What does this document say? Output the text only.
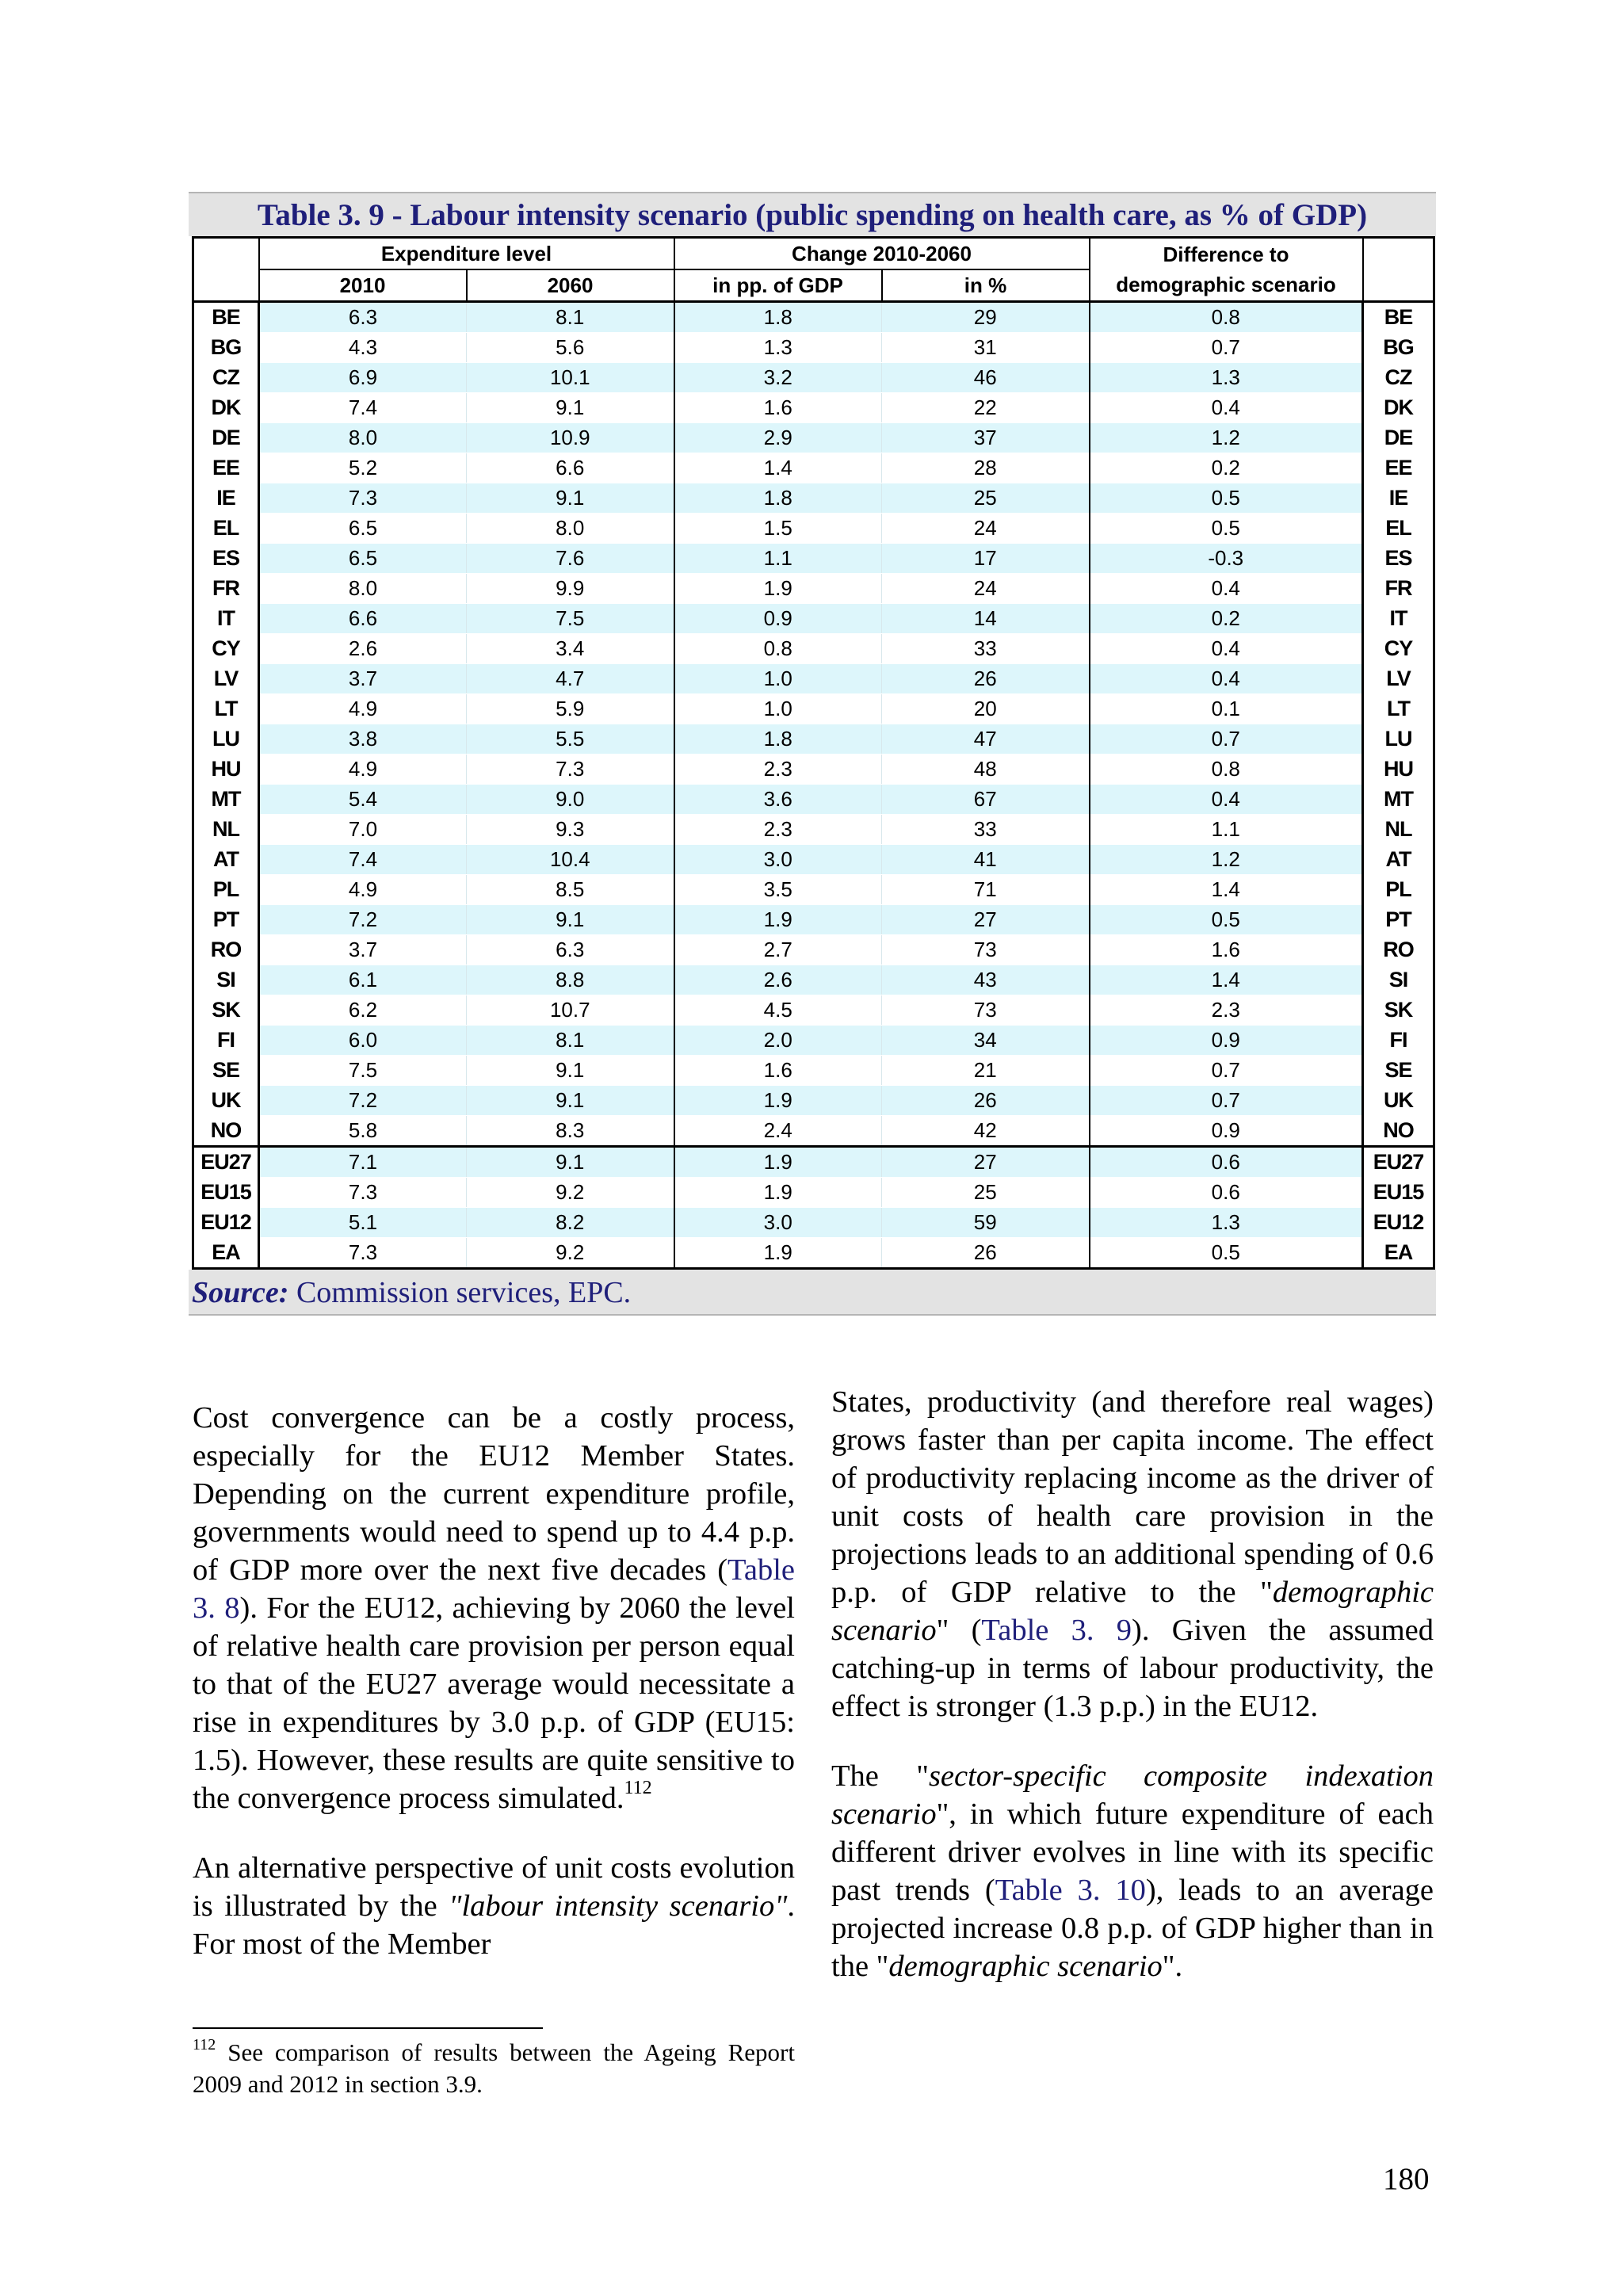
Table 3. 9 - Labour intensity scenario (public spending on health care, as % of GDP)
	Expenditure level		Change 2010-2060		Difference to
demographic scenario	
	2010	2060	in pp. of GDP	in %		
BE	6.3	8.1	1.8	29	0.8	BE
BG	4.3	5.6	1.3	31	0.7	BG
CZ	6.9	10.1	3.2	46	1.3	CZ
DK	7.4	9.1	1.6	22	0.4	DK
DE	8.0	10.9	2.9	37	1.2	DE
EE	5.2	6.6	1.4	28	0.2	EE
IE	7.3	9.1	1.8	25	0.5	IE
EL	6.5	8.0	1.5	24	0.5	EL
ES	6.5	7.6	1.1	17	-0.3	ES
FR	8.0	9.9	1.9	24	0.4	FR
IT	6.6	7.5	0.9	14	0.2	IT
CY	2.6	3.4	0.8	33	0.4	CY
LV	3.7	4.7	1.0	26	0.4	LV
LT	4.9	5.9	1.0	20	0.1	LT
LU	3.8	5.5	1.8	47	0.7	LU
HU	4.9	7.3	2.3	48	0.8	HU
MT	5.4	9.0	3.6	67	0.4	MT
NL	7.0	9.3	2.3	33	1.1	NL
AT	7.4	10.4	3.0	41	1.2	AT
PL	4.9	8.5	3.5	71	1.4	PL
PT	7.2	9.1	1.9	27	0.5	PT
RO	3.7	6.3	2.7	73	1.6	RO
SI	6.1	8.8	2.6	43	1.4	SI
SK	6.2	10.7	4.5	73	2.3	SK
FI	6.0	8.1	2.0	34	0.9	FI
SE	7.5	9.1	1.6	21	0.7	SE
UK	7.2	9.1	1.9	26	0.7	UK
NO	5.8	8.3	2.4	42	0.9	NO
EU27	7.1	9.1	1.9	27	0.6	EU27
EU15	7.3	9.2	1.9	25	0.6	EU15
EU12	5.1	8.2	3.0	59	1.3	EU12
EA	7.3	9.2	1.9	26	0.5	EA
Source: Commission services, EPC.

Cost convergence can be a costly process, especially for the EU12 Member States. Depending on the current expenditure profile, governments would need to spend up to 4.4 p.p. of GDP more over the next five decades (Table 3. 8). For the EU12, achieving by 2060 the level of relative health care provision per person equal to that of the EU27 average would necessitate a rise in expenditures by 3.0 p.p. of GDP (EU15: 1.5). However, these results are quite sensitive to the convergence process simulated.$^{112}$

An alternative perspective of unit costs evolution is illustrated by the "labour intensity scenario". For most of the Member

States, productivity (and therefore real wages) grows faster than per capita income. The effect of productivity replacing income as the driver of unit costs of health care provision in the projections leads to an additional spending of 0.6 p.p. of GDP relative to the "demographic scenario" (Table 3. 9). Given the assumed catching-up in terms of labour productivity, the effect is stronger (1.3 p.p.) in the EU12.

The "sector-specific composite indexation scenario", in which future expenditure of each different driver evolves in line with its specific past trends (Table 3. 10), leads to an average projected increase 0.8 p.p. of GDP higher than in the "demographic scenario".

$^{112}$ See comparison of results between the Ageing Report 2009 and 2012 in section 3.9.
180
